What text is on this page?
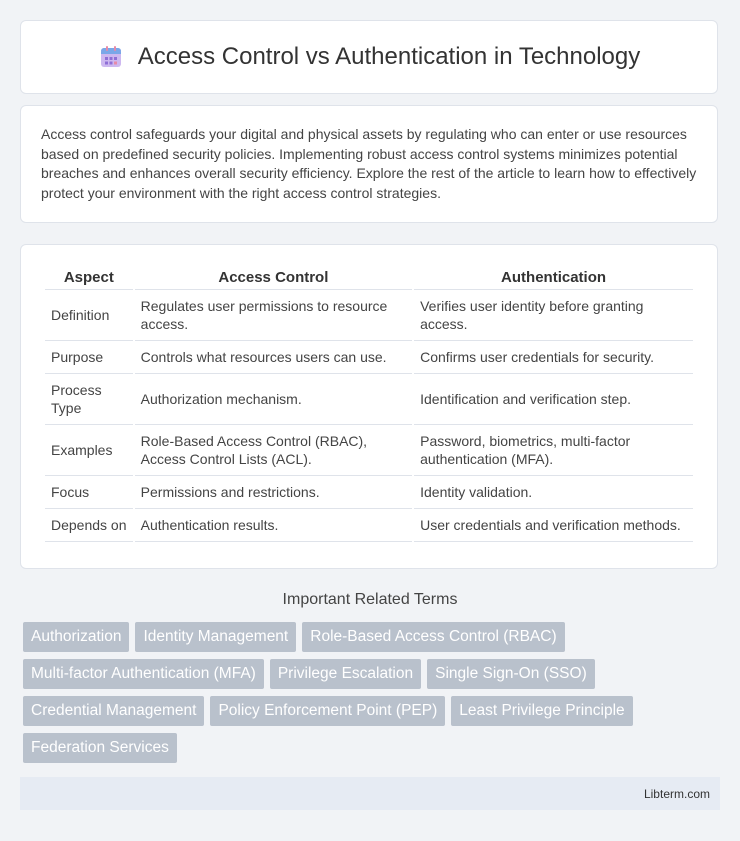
Access Control vs Authentication in Technology

Access control safeguards your digital and physical assets by regulating who can enter or use resources based on predefined security policies. Implementing robust access control systems minimizes potential breaches and enhances overall security efficiency. Explore the rest of the article to learn how to effectively protect your environment with the right access control strategies.

Aspect	Access Control	Authentication
Definition	Regulates user permissions to resource access.	Verifies user identity before granting access.
Purpose	Controls what resources users can use.	Confirms user credentials for security.
Process Type	Authorization mechanism.	Identification and verification step.
Examples	Role-Based Access Control (RBAC), Access Control Lists (ACL).	Password, biometrics, multi-factor authentication (MFA).
Focus	Permissions and restrictions.	Identity validation.
Depends on	Authentication results.	User credentials and verification methods.
Important Related Terms
Authorization	Identity Management	Role-Based Access Control (RBAC)
Multi-factor Authentication (MFA)	Privilege Escalation	Single Sign-On (SSO)
Credential Management	Policy Enforcement Point (PEP)	Least Privilege Principle
Federation Services
Libterm.com
